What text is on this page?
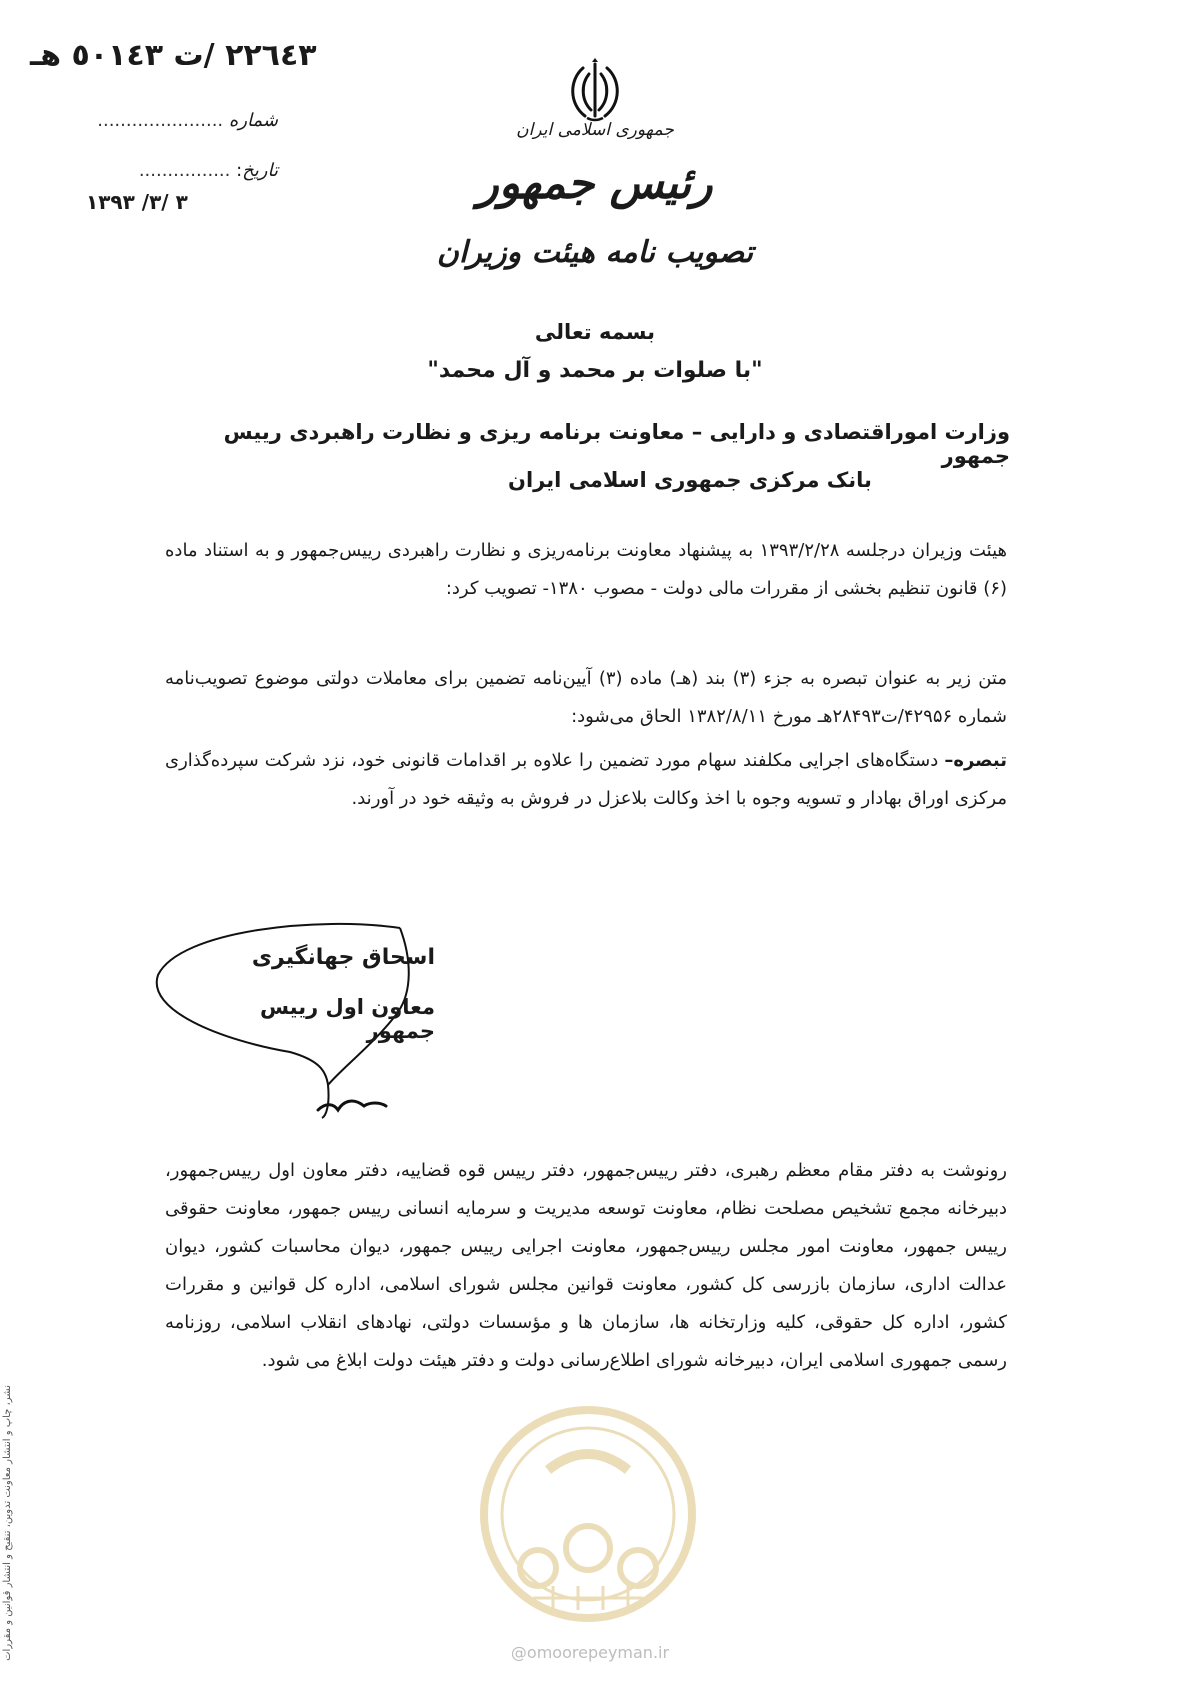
٢٢٦٤٣ /ت ٥٠١٤٣ هـ
شماره ......................
تاریخ: ................
۱۳۹۳ /۳/ ۳
جمهوری اسلامی ایران
رئیس جمهور
تصویب نامه هیئت وزیران
بسمه تعالی
"با صلوات بر محمد و آل محمد"
وزارت اموراقتصادی و دارایی – معاونت برنامه ریزی و نظارت راهبردی رییس جمهور
بانک مرکزی جمهوری اسلامی ایران
هیئت وزیران درجلسه ۱۳۹۳/۲/۲۸ به پیشنهاد معاونت برنامه‌ریزی و نظارت راهبردی رییس‌جمهور و به استناد ماده (۶) قانون تنظیم بخشی از مقررات مالی دولت - مصوب ۱۳۸۰- تصویب کرد:
متن زیر به عنوان تبصره به جزء (۳) بند (هـ) ماده (۳) آیین‌نامه تضمین برای معاملات دولتی موضوع تصویب‌نامه شماره ۴۲۹۵۶/ت۲۸۴۹۳هـ مورخ ۱۳۸۲/۸/۱۱ الحاق می‌شود:
تبصره– دستگاه‌های اجرایی مکلفند سهام مورد تضمین را علاوه بر اقدامات قانونی خود، نزد شرکت سپرده‌گذاری مرکزی اوراق بهادار و تسویه وجوه با اخذ وکالت بلاعزل در فروش به وثیقه خود در آورند.
اسحاق جهانگیری
معاون اول رییس جمهور
رونوشت به دفتر مقام معظم رهبری، دفتر رییس‌جمهور، دفتر رییس قوه قضاییه، دفتر معاون اول رییس‌جمهور، دبیرخانه مجمع تشخیص مصلحت نظام، معاونت توسعه مدیریت و سرمایه انسانی رییس جمهور، معاونت حقوقی رییس جمهور، معاونت امور مجلس رییس‌جمهور، معاونت اجرایی رییس جمهور، دیوان محاسبات کشور، دیوان عدالت اداری، سازمان بازرسی کل کشور، معاونت قوانین مجلس شورای اسلامی، اداره کل قوانین و مقررات کشور، اداره کل حقوقی، کلیه وزارتخانه ها، سازمان ها و مؤسسات دولتی، نهادهای انقلاب اسلامی، روزنامه رسمی جمهوری اسلامی ایران، دبیرخانه شورای اطلاع‌رسانی دولت و دفتر هیئت دولت ابلاغ می شود.
@omoorepeyman.ir
نشر، چاپ و انتشار معاونت تدوین، تنقیح و انتشار قوانین و مقررات
